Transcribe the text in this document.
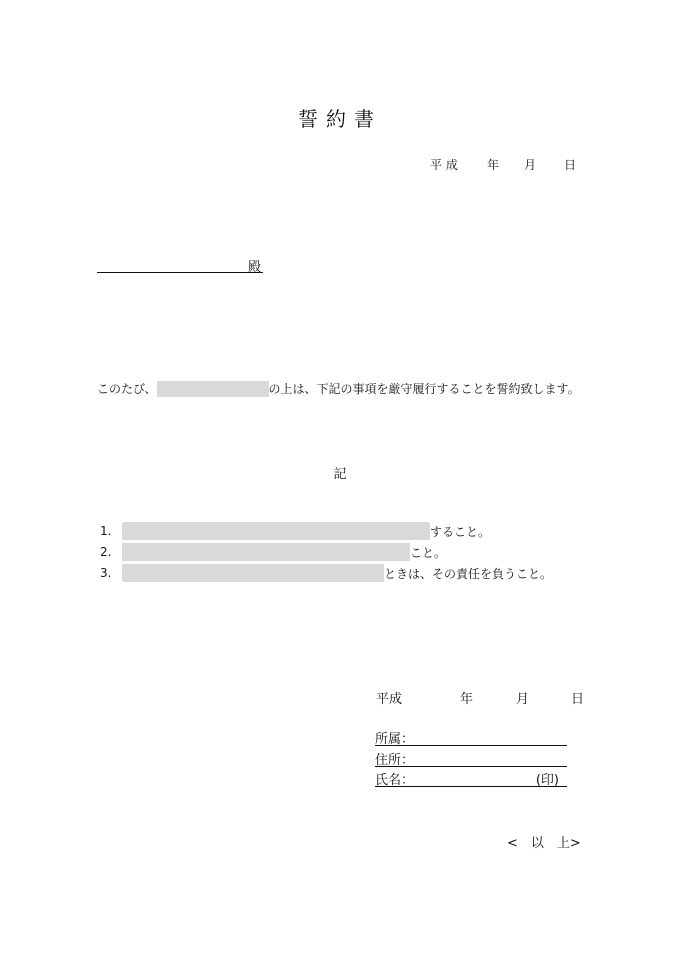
誓約書
平 成 年 月 日
殿
このたび、	の上は、下記の事項を厳守履行することを誓約致します。
記
1.	すること。
2.	こと。
3.	ときは、その責任を負うこと。
平成	年	月	日
所属：
住所：
氏名：	(印)
<　以　上>
